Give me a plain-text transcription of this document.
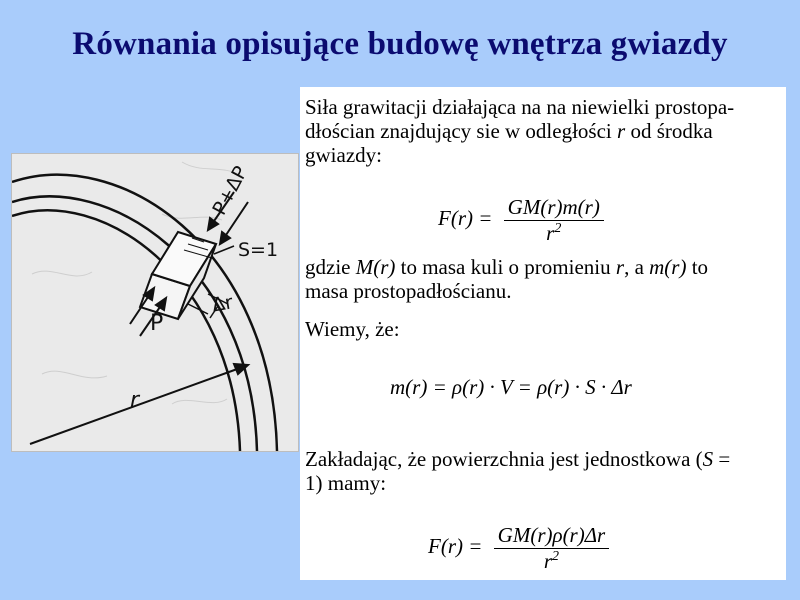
Równania opisujące budowę wnętrza gwiazdy
P+ΔP
S=1
P
Δr
r

Siła grawitacji działająca na na niewielki prostopa-
dłościan znajdujący sie w odległości r od środka
gwiazdy:

$F(r) = \frac{GM(r)m(r)}{r^2}$

gdzie M(r) to masa kuli o promieniu r, a m(r) to
masa prostopadłościanu.

Wiemy, że:

m(r) = ρ(r) · V = ρ(r) · S · Δr

Zakładając, że powierzchnia jest jednostkowa (S =
1) mamy:

$F(r) = \frac{GM(r)\rho(r)\Delta r}{r^2}$
